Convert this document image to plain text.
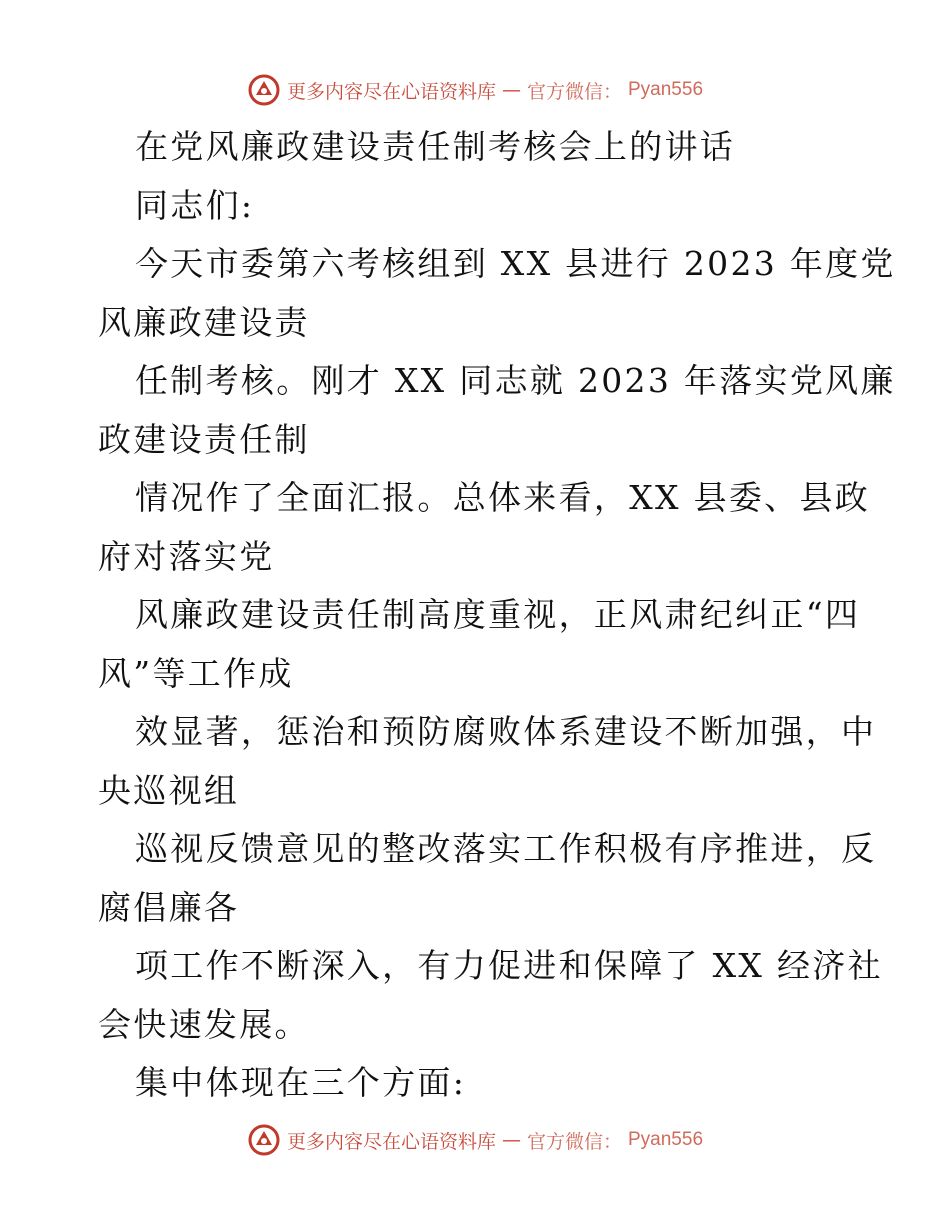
更多内容尽在心语资料库 — 官方微信： Pyan556
在党风廉政建设责任制考核会上的讲话
同志们:
今天市委第六考核组到 XX 县进行 2023 年度党
风廉政建设责
任制考核。刚才 XX 同志就 2023 年落实党风廉
政建设责任制
情况作了全面汇报。总体来看，XX 县委、县政
府对落实党
风廉政建设责任制高度重视，正风肃纪纠正“四
风”等工作成
效显著，惩治和预防腐败体系建设不断加强，中
央巡视组
巡视反馈意见的整改落实工作积极有序推进，反
腐倡廉各
项工作不断深入，有力促进和保障了 XX 经济社
会快速发展。
集中体现在三个方面:
更多内容尽在心语资料库 — 官方微信： Pyan556
